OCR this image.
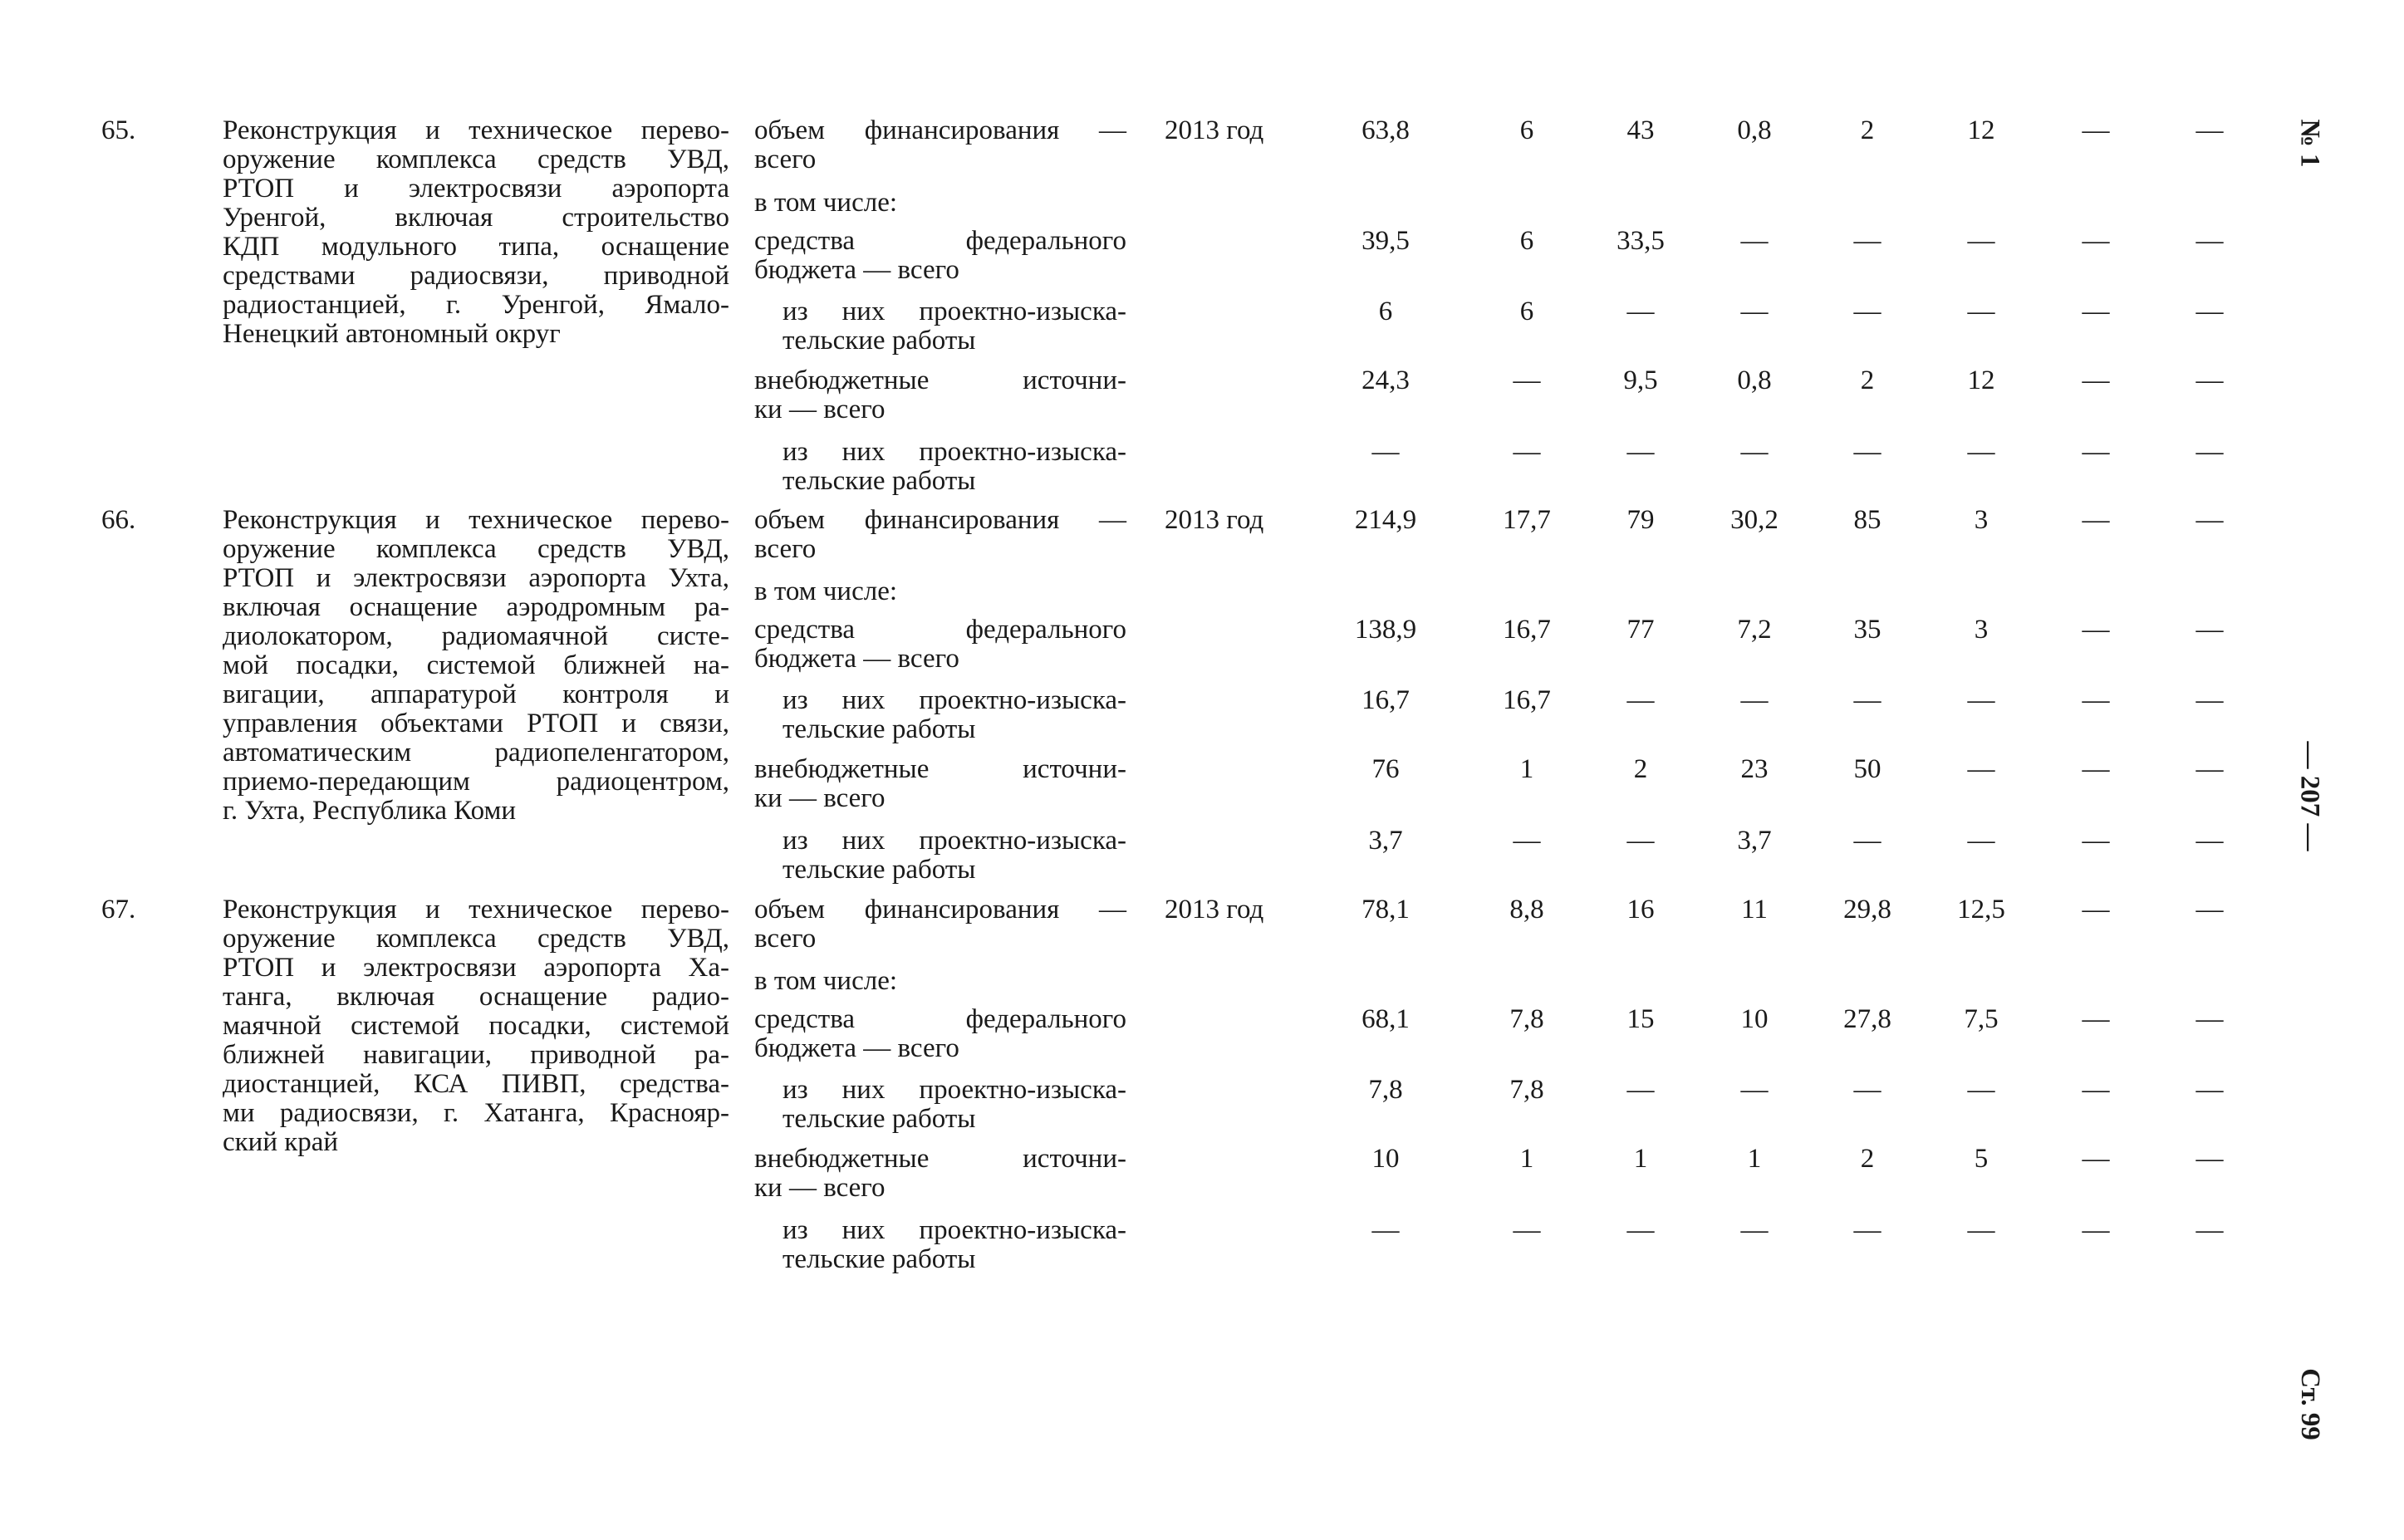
65.	Реконструкция и техническое перево-
оружение комплекса средств УВД,
РТОП и электросвязи аэропорта
Уренгой, включая строительство
КДП модульного типа, оснащение
средствами радиосвязи, приводной
радиостанцией, г. Уренгой, Ямало-
Ненецкий автономный округ
2013 год
объем финансирования —
всего
63,8	6	43	0,8	2	12	—	—
в том числе:
средства федерального
бюджета — всего
39,5	6	33,5	—	—	—	—	—
из них проектно-изыска-
тельские работы
6	6	—	—	—	—	—	—
внебюджетные источни-
ки — всего
24,3	—	9,5	0,8	2	12	—	—
из них проектно-изыска-
тельские работы
—	—	—	—	—	—	—	—
66.	Реконструкция и техническое перево-
оружение комплекса средств УВД,
РТОП и электросвязи аэропорта Ухта,
включая оснащение аэродромным ра-
диолокатором, радиомаячной систе-
мой посадки, системой ближней на-
вигации, аппаратурой контроля и
управления объектами РТОП и связи,
автоматическим радиопеленгатором,
приемо-передающим радиоцентром,
г. Ухта, Республика Коми
2013 год
объем финансирования —
всего
214,9	17,7	79	30,2	85	3	—	—
в том числе:
средства федерального
бюджета — всего
138,9	16,7	77	7,2	35	3	—	—
из них проектно-изыска-
тельские работы
16,7	16,7	—	—	—	—	—	—
внебюджетные источни-
ки — всего
76	1	2	23	50	—	—	—
из них проектно-изыска-
тельские работы
3,7	—	—	3,7	—	—	—	—
67.	Реконструкция и техническое перево-
оружение комплекса средств УВД,
РТОП и электросвязи аэропорта Ха-
танга, включая оснащение радио-
маячной системой посадки, системой
ближней навигации, приводной ра-
диостанцией, КСА ПИВП, средства-
ми радиосвязи, г. Хатанга, Краснояр-
ский край
2013 год
объем финансирования —
всего
78,1	8,8	16	11	29,8	12,5	—	—
в том числе:
средства федерального
бюджета — всего
68,1	7,8	15	10	27,8	7,5	—	—
из них проектно-изыска-
тельские работы
7,8	7,8	—	—	—	—	—	—
внебюджетные источни-
ки — всего
10	1	1	1	2	5	—	—
из них проектно-изыска-
тельские работы
—	—	—	—	—	—	—	—
№ 1
— 207 —
Ст. 99
